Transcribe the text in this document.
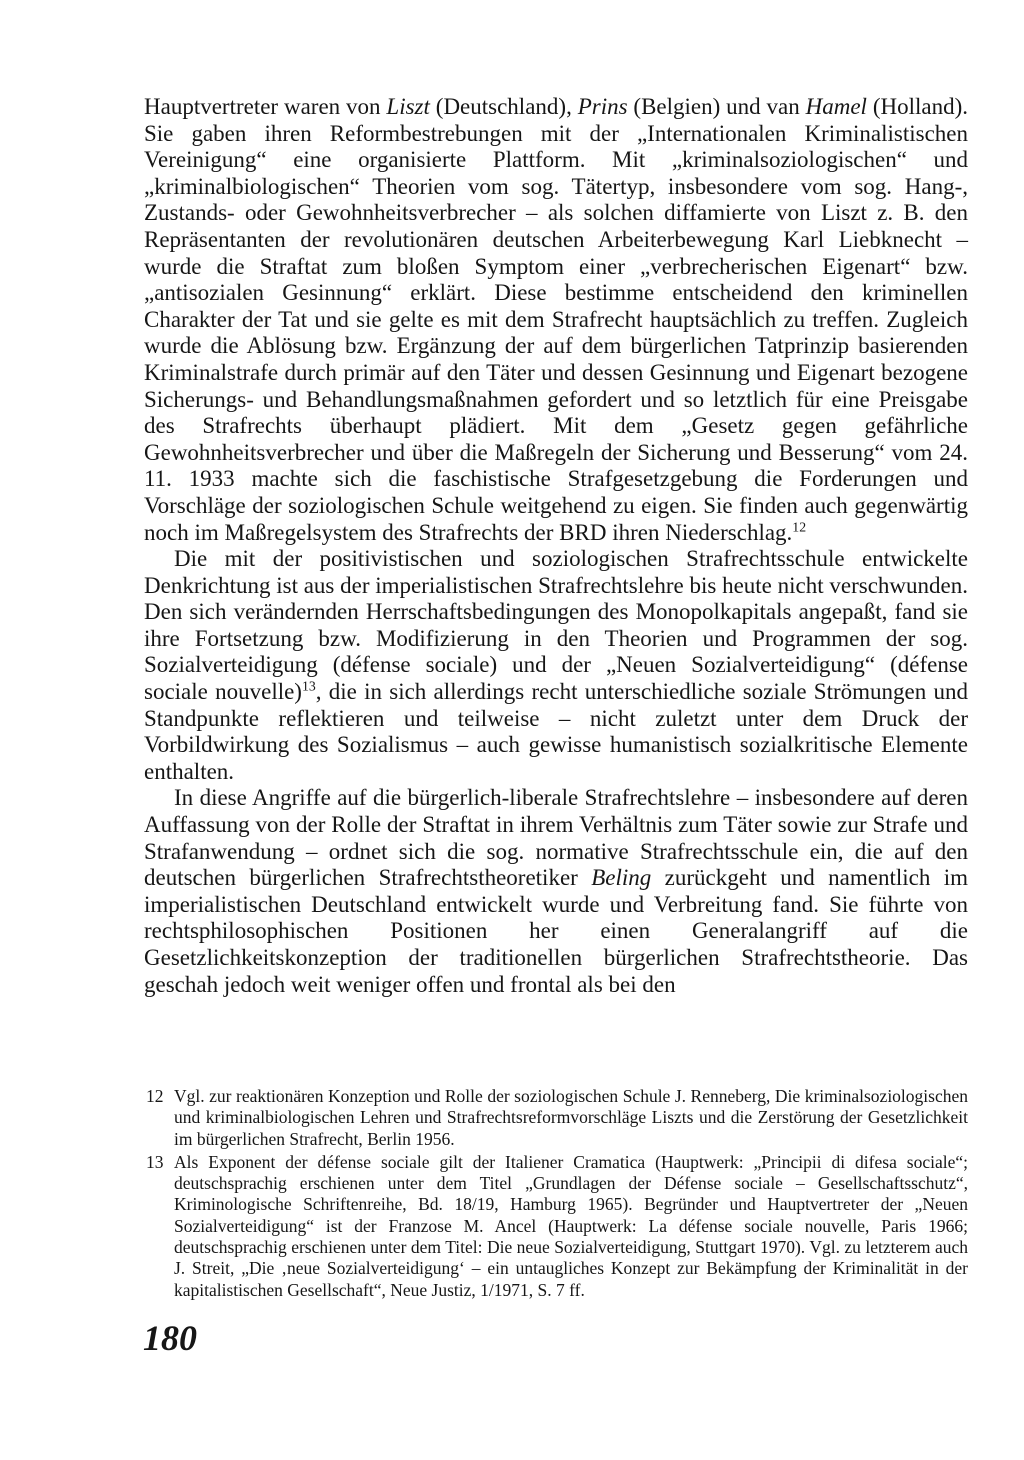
Hauptvertreter waren von Liszt (Deutschland), Prins (Belgien) und van Hamel (Holland). Sie gaben ihren Reformbestrebungen mit der „Internationalen Kriminalistischen Vereinigung“ eine organisierte Plattform. Mit „kriminalsoziologischen“ und „kriminalbiologischen“ Theorien vom sog. Tätertyp, insbesondere vom sog. Hang-, Zustands- oder Gewohnheitsverbrecher – als solchen diffamierte von Liszt z. B. den Repräsentanten der revolutionären deutschen Arbeiterbewegung Karl Liebknecht – wurde die Straftat zum bloßen Symptom einer „verbrecherischen Eigenart“ bzw. „antisozialen Gesinnung“ erklärt. Diese bestimme entscheidend den kriminellen Charakter der Tat und sie gelte es mit dem Strafrecht hauptsächlich zu treffen. Zugleich wurde die Ablösung bzw. Ergänzung der auf dem bürgerlichen Tatprinzip basierenden Kriminalstrafe durch primär auf den Täter und dessen Gesinnung und Eigenart bezogene Sicherungs- und Behandlungsmaßnahmen gefordert und so letztlich für eine Preisgabe des Strafrechts überhaupt plädiert. Mit dem „Gesetz gegen gefährliche Gewohnheitsverbrecher und über die Maßregeln der Sicherung und Besserung“ vom 24. 11. 1933 machte sich die faschistische Strafgesetzgebung die Forderungen und Vorschläge der soziologischen Schule weitgehend zu eigen. Sie finden auch gegenwärtig noch im Maßregelsystem des Strafrechts der BRD ihren Niederschlag.$^{12}$

Die mit der positivistischen und soziologischen Strafrechtsschule entwickelte Denkrichtung ist aus der imperialistischen Strafrechtslehre bis heute nicht verschwunden. Den sich verändernden Herrschaftsbedingungen des Monopolkapitals angepaßt, fand sie ihre Fortsetzung bzw. Modifizierung in den Theorien und Programmen der sog. Sozialverteidigung (défense sociale) und der „Neuen Sozialverteidigung“ (défense sociale nouvelle)$^{13}$, die in sich allerdings recht unterschiedliche soziale Strömungen und Standpunkte reflektieren und teilweise – nicht zuletzt unter dem Druck der Vorbildwirkung des Sozialismus – auch gewisse humanistisch sozialkritische Elemente enthalten.

In diese Angriffe auf die bürgerlich-liberale Strafrechtslehre – insbesondere auf deren Auffassung von der Rolle der Straftat in ihrem Verhältnis zum Täter sowie zur Strafe und Strafanwendung – ordnet sich die sog. normative Strafrechtsschule ein, die auf den deutschen bürgerlichen Strafrechtstheoretiker Beling zurückgeht und namentlich im imperialistischen Deutschland entwickelt wurde und Verbreitung fand. Sie führte von rechtsphilosophischen Positionen her einen Generalangriff auf die Gesetzlichkeitskonzeption der traditionellen bürgerlichen Strafrechtstheorie. Das geschah jedoch weit weniger offen und frontal als bei den

12 Vgl. zur reaktionären Konzeption und Rolle der soziologischen Schule J. Renneberg, Die kriminalsoziologischen und kriminalbiologischen Lehren und Strafrechtsreformvorschläge Liszts und die Zerstörung der Gesetzlichkeit im bürgerlichen Strafrecht, Berlin 1956.
13 Als Exponent der défense sociale gilt der Italiener Cramatica (Hauptwerk: „Principii di difesa sociale“; deutschsprachig erschienen unter dem Titel „Grundlagen der Défense sociale – Gesellschaftsschutz“, Kriminologische Schriftenreihe, Bd. 18/19, Hamburg 1965). Begründer und Hauptvertreter der „Neuen Sozialverteidigung“ ist der Franzose M. Ancel (Hauptwerk: La défense sociale nouvelle, Paris 1966; deutschsprachig erschienen unter dem Titel: Die neue Sozialverteidigung, Stuttgart 1970). Vgl. zu letzterem auch J. Streit, „Die ‚neue Sozialverteidigung‘ – ein untaugliches Konzept zur Bekämpfung der Kriminalität in der kapitalistischen Gesellschaft“, Neue Justiz, 1/1971, S. 7 ff.
180
